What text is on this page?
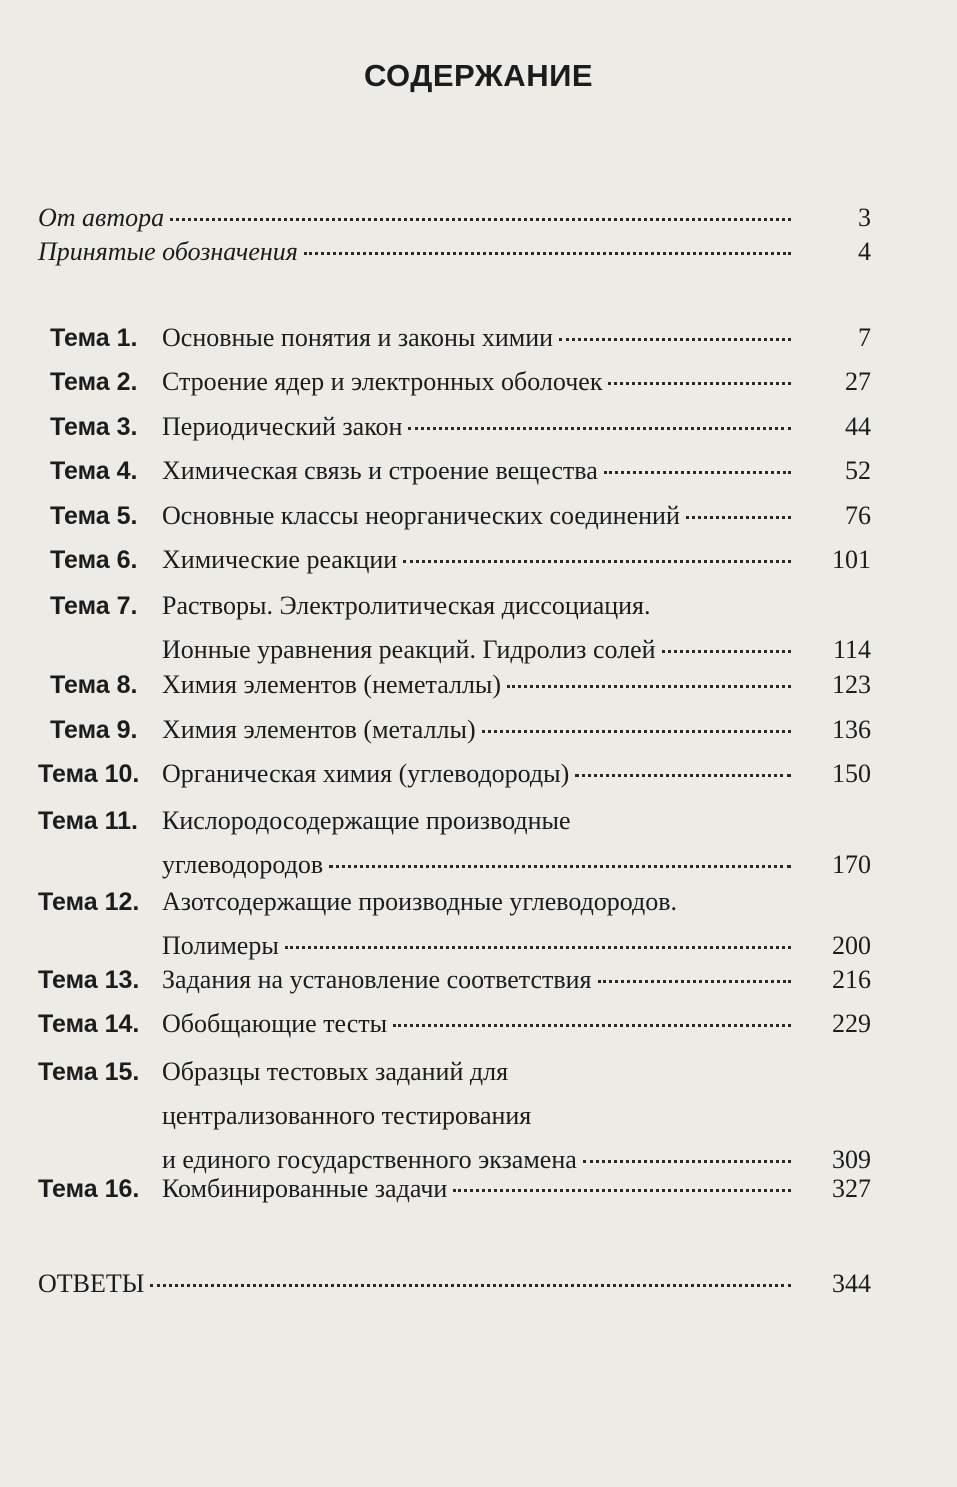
СОДЕРЖАНИЕ
От автора	3
Принятые обозначения	4
Тема 1. Основные понятия и законы химии	7
Тема 2. Строение ядер и электронных оболочек	27
Тема 3. Периодический закон	44
Тема 4. Химическая связь и строение вещества	52
Тема 5. Основные классы неорганических соединений	76
Тема 6. Химические реакции	101
Тема 7. Растворы. Электролитическая диссоциация.
Ионные уравнения реакций. Гидролиз солей	114
Тема 8. Химия элементов (неметаллы)	123
Тема 9. Химия элементов (металлы)	136
Тема 10. Органическая химия (углеводороды)	150
Тема 11. Кислородосодержащие производные
углеводородов	170
Тема 12. Азотсодержащие производные углеводородов.
Полимеры	200
Тема 13. Задания на установление соответствия	216
Тема 14. Обобщающие тесты	229
Тема 15. Образцы тестовых заданий для
централизованного тестирования
и единого государственного экзамена	309
Тема 16. Комбинированные задачи	327
ОТВЕТЫ	344
